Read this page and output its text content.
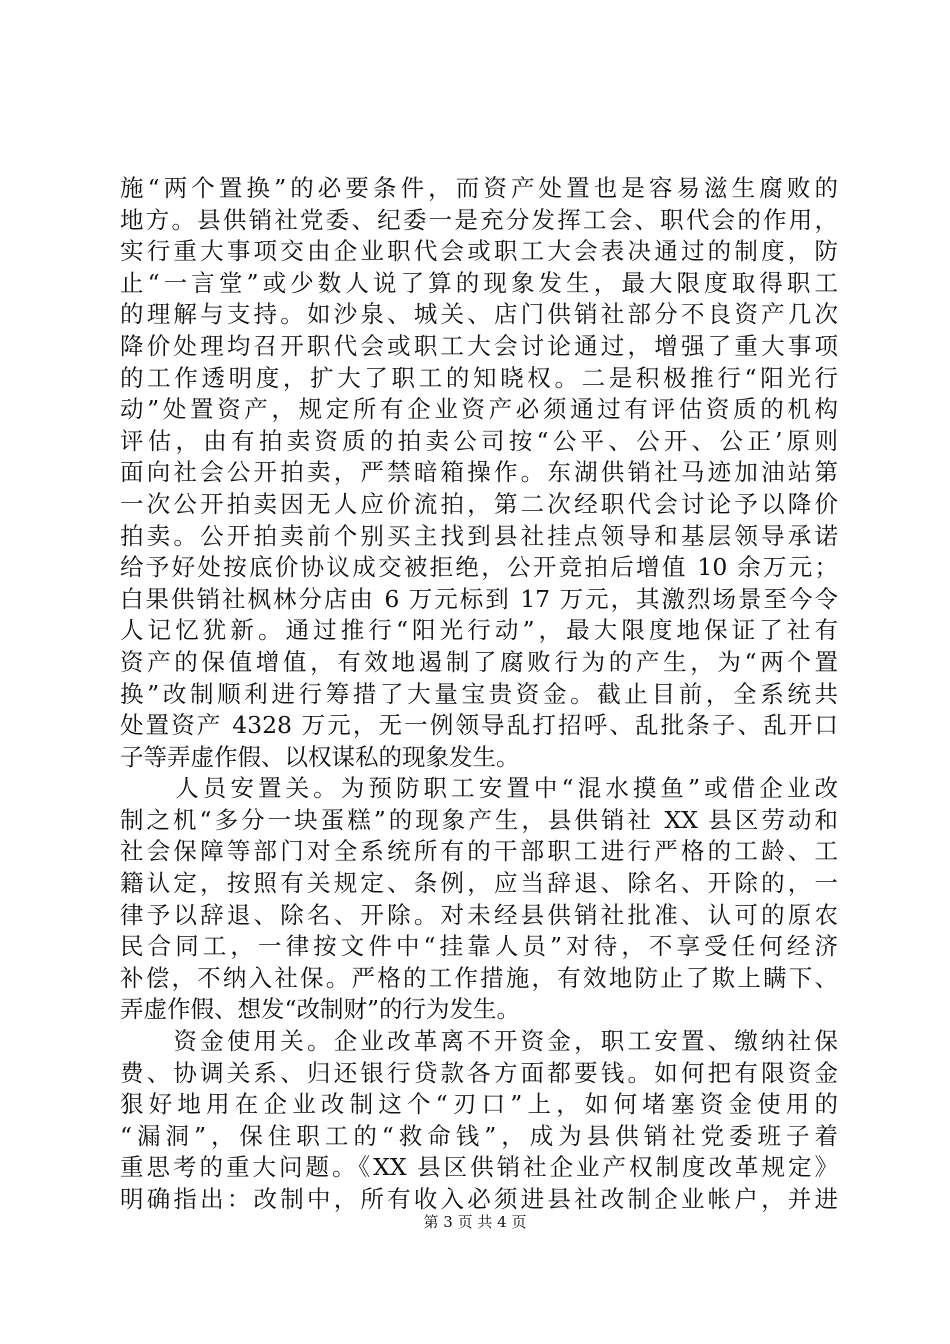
施“两个置换”的必要条件，而资产处置也是容易滋生腐败的
地方。县供销社党委、纪委一是充分发挥工会、职代会的作用，
实行重大事项交由企业职代会或职工大会表决通过的制度，防
止“一言堂”或少数人说了算的现象发生，最大限度取得职工
的理解与支持。如沙泉、城关、店门供销社部分不良资产几次
降价处理均召开职代会或职工大会讨论通过，增强了重大事项
的工作透明度，扩大了职工的知晓权。二是积极推行“阳光行
动”处置资产，规定所有企业资产必须通过有评估资质的机构
评估，由有拍卖资质的拍卖公司按“公平、公开、公正’原则
面向社会公开拍卖，严禁暗箱操作。东湖供销社马迹加油站第
一次公开拍卖因无人应价流拍，第二次经职代会讨论予以降价
拍卖。公开拍卖前个别买主找到县社挂点领导和基层领导承诺
给予好处按底价协议成交被拒绝，公开竞拍后增值 10 余万元；
白果供销社枫林分店由 6 万元标到 17 万元，其激烈场景至今令
人记忆犹新。通过推行“阳光行动”，最大限度地保证了社有
资产的保值增值，有效地遏制了腐败行为的产生，为“两个置
换”改制顺利进行筹措了大量宝贵资金。截止目前，全系统共
处置资产 4328 万元，无一例领导乱打招呼、乱批条子、乱开口
子等弄虚作假、以权谋私的现象发生。
　　人员安置关。为预防职工安置中“混水摸鱼”或借企业改
制之机“多分一块蛋糕”的现象产生，县供销社 XX 县区劳动和
社会保障等部门对全系统所有的干部职工进行严格的工龄、工
籍认定，按照有关规定、条例，应当辞退、除名、开除的，一
律予以辞退、除名、开除。对未经县供销社批准、认可的原农
民合同工，一律按文件中“挂靠人员”对待，不享受任何经济
补偿，不纳入社保。严格的工作措施，有效地防止了欺上瞒下、
弄虚作假、想发“改制财”的行为发生。
　　资金使用关。企业改革离不开资金，职工安置、缴纳社保
费、协调关系、归还银行贷款各方面都要钱。如何把有限资金
狠好地用在企业改制这个“刃口”上，如何堵塞资金使用的
“漏洞”，保住职工的“救命钱”，成为县供销社党委班子着
重思考的重大问题。《XX 县区供销社企业产权制度改革规定》
明确指出：改制中，所有收入必须进县社改制企业帐户，并进
第 3 页 共 4 页
